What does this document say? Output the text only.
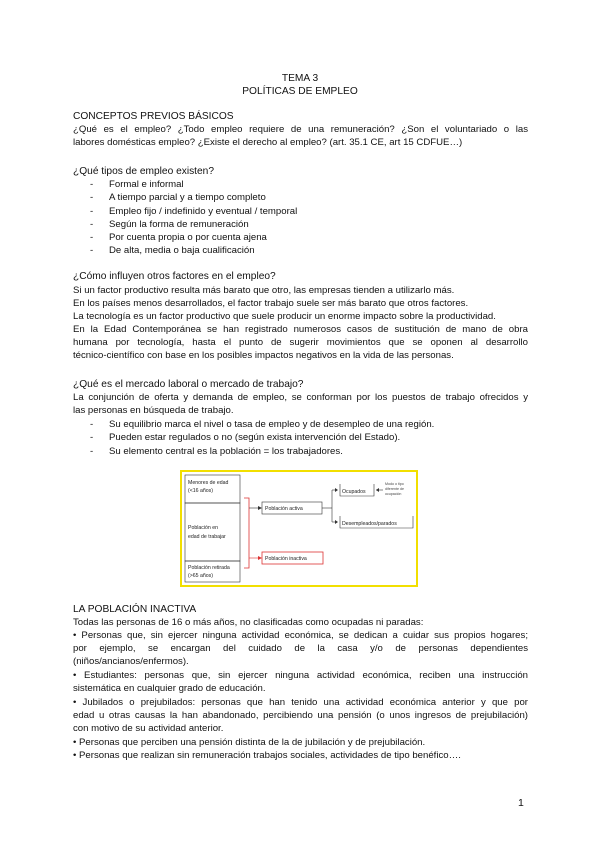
TEMA 3

POLÍTICAS DE EMPLEO

CONCEPTOS PREVIOS BÁSICOS

¿Qué es el empleo? ¿Todo empleo requiere de una remuneración? ¿Son el voluntariado o las

labores domésticas empleo? ¿Existe el derecho al empleo? (art. 35.1 CE, art 15 CDFUE…)

¿Qué tipos de empleo existen?

- Formal e informal
- A tiempo parcial y a tiempo completo
- Empleo fijo / indefinido y eventual / temporal
- Según la forma de remuneración
- Por cuenta propia o por cuenta ajena
- De alta, media o baja cualificación

¿Cómo influyen otros factores en el empleo?

Si un factor productivo resulta más barato que otro, las empresas tienden a utilizarlo más.

En los países menos desarrollados, el factor trabajo suele ser más barato que otros factores.

La tecnología es un factor productivo que suele producir un enorme impacto sobre la productividad.

En la Edad Contemporánea se han registrado numerosos casos de sustitución de mano de obra

humana por tecnología, hasta el punto de sugerir movimientos que se oponen al desarrollo

técnico-científico con base en los posibles impactos negativos en la vida de las personas.

¿Qué es el mercado laboral o mercado de trabajo?

La conjunción de oferta y demanda de empleo, se conforman por los puestos de trabajo ofrecidos y

las personas en búsqueda de trabajo.

- Su equilibrio marca el nivel o tasa de empleo y de desempleo de una región.
- Pueden estar regulados o no (según exista intervención del Estado).
- Su elemento central es la población = los trabajadores.
Menores de edad
(<16 años)
Población en
edad de trabajar
Población retirada
(>65 años)
Población activa
Población inactiva
Ocupados
Modo o tipo
diferente de
ocupación
Desempleados/parados

LA POBLACIÓN INACTIVA

Todas las personas de 16 o más años, no clasificadas como ocupadas ni paradas:

• Personas que, sin ejercer ninguna actividad económica, se dedican a cuidar sus propios hogares;

por ejemplo, se encargan del cuidado de la casa y/o de personas dependientes

(niños/ancianos/enfermos).

• Estudiantes: personas que, sin ejercer ninguna actividad económica, reciben una instrucción

sistemática en cualquier grado de educación.

• Jubilados o prejubilados: personas que han tenido una actividad económica anterior y que por

edad u otras causas la han abandonado, percibiendo una pensión (o unos ingresos de prejubilación)

con motivo de su actividad anterior.

• Personas que perciben una pensión distinta de la de jubilación y de prejubilación.

• Personas que realizan sin remuneración trabajos sociales, actividades de tipo benéfico….

1
